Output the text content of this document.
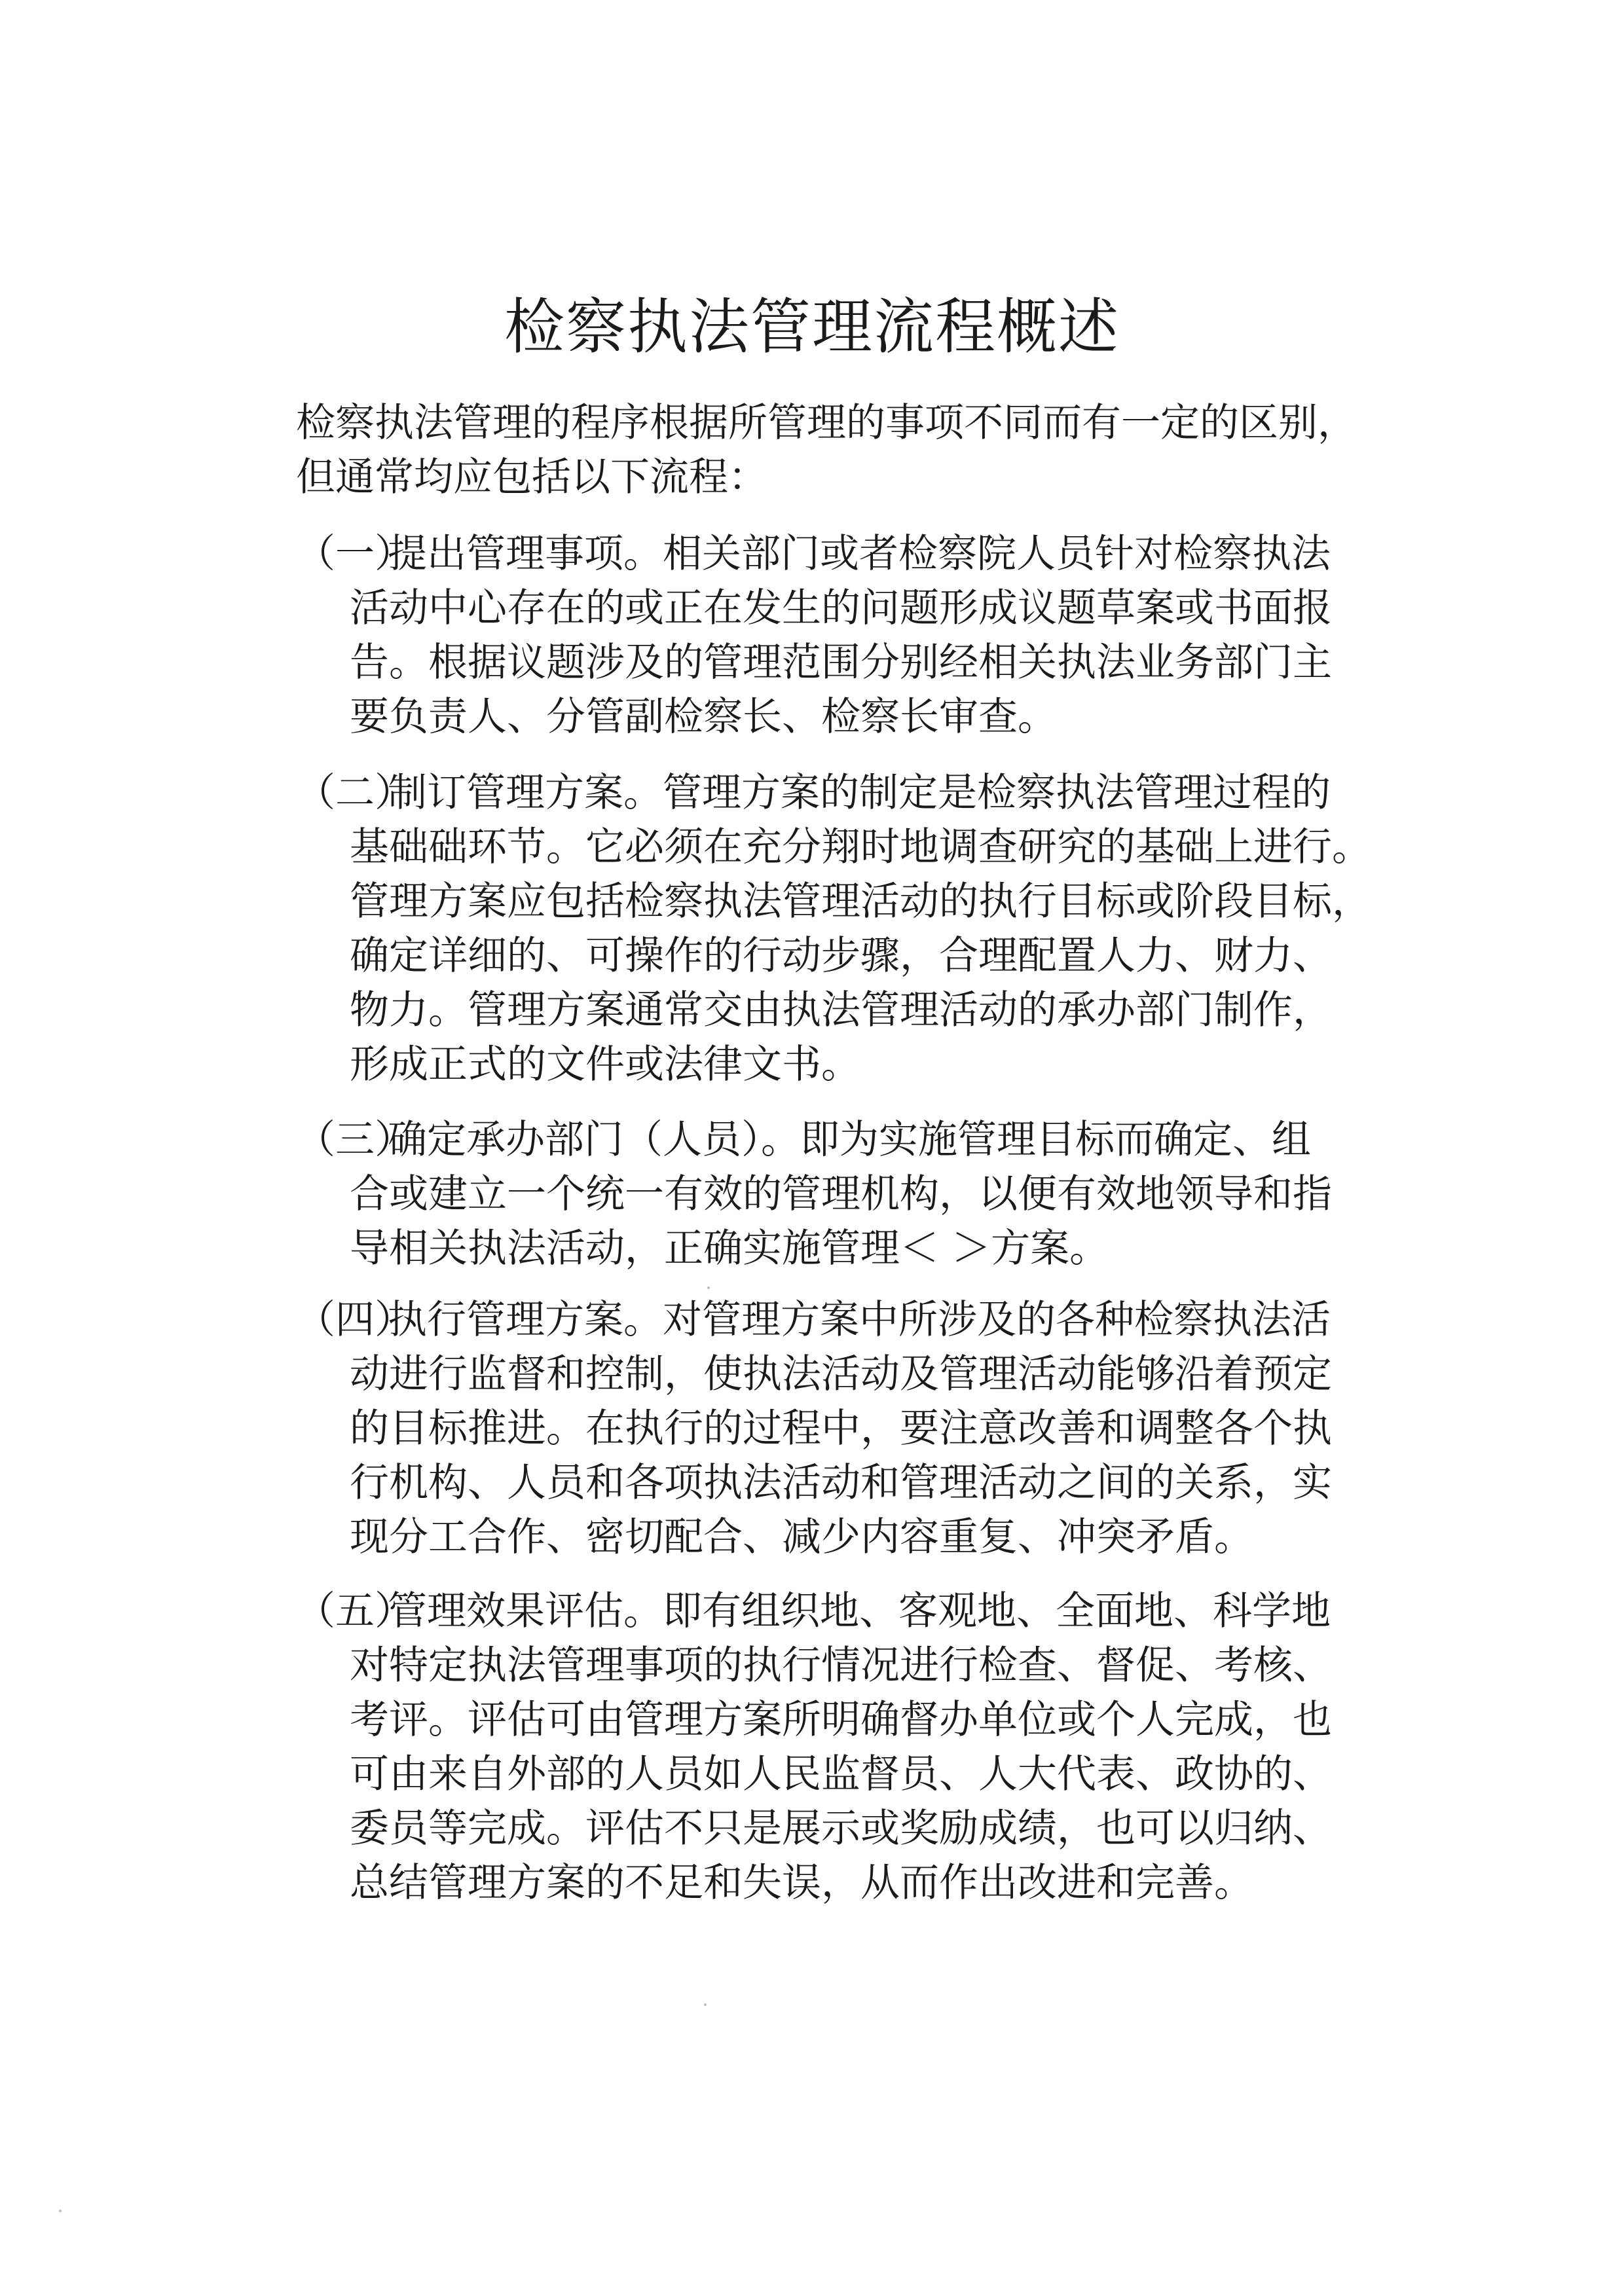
检察执法管理流程概述

检察执法管理的程序根据所管理的事项不同而有一定的区别，
但通常均应包括以下流程：

（一）提出管理事项。相关部门或者检察院人员针对检察执法
活动中心存在的或正在发生的问题形成议题草案或书面报
告。根据议题涉及的管理范围分别经相关执法业务部门主
要负责人、分管副检察长、检察长审查。
（二）制订管理方案。管理方案的制定是检察执法管理过程的
基础础环节。它必须在充分翔时地调查研究的基础上进行。
管理方案应包括检察执法管理活动的执行目标或阶段目标，
确定详细的、可操作的行动步骤，合理配置人力、财力、
物力。管理方案通常交由执法管理活动的承办部门制作，
形成正式的文件或法律文书。
（三）确定承办部门（人员）。即为实施管理目标而确定、组
合或建立一个统一有效的管理机构，以便有效地领导和指
导相关执法活动，正确实施管理＜ ＞方案。
（四）执行管理方案。对管理方案中所涉及的各种检察执法活
动进行监督和控制，使执法活动及管理活动能够沿着预定
的目标推进。在执行的过程中，要注意改善和调整各个执
行机构、人员和各项执法活动和管理活动之间的关系，实
现分工合作、密切配合、减少内容重复、冲突矛盾。
（五）管理效果评估。即有组织地、客观地、全面地、科学地
对特定执法管理事项的执行情况进行检查、督促、考核、
考评。评估可由管理方案所明确督办单位或个人完成，也
可由来自外部的人员如人民监督员、人大代表、政协的、
委员等完成。评估不只是展示或奖励成绩，也可以归纳、
总结管理方案的不足和失误，从而作出改进和完善。
